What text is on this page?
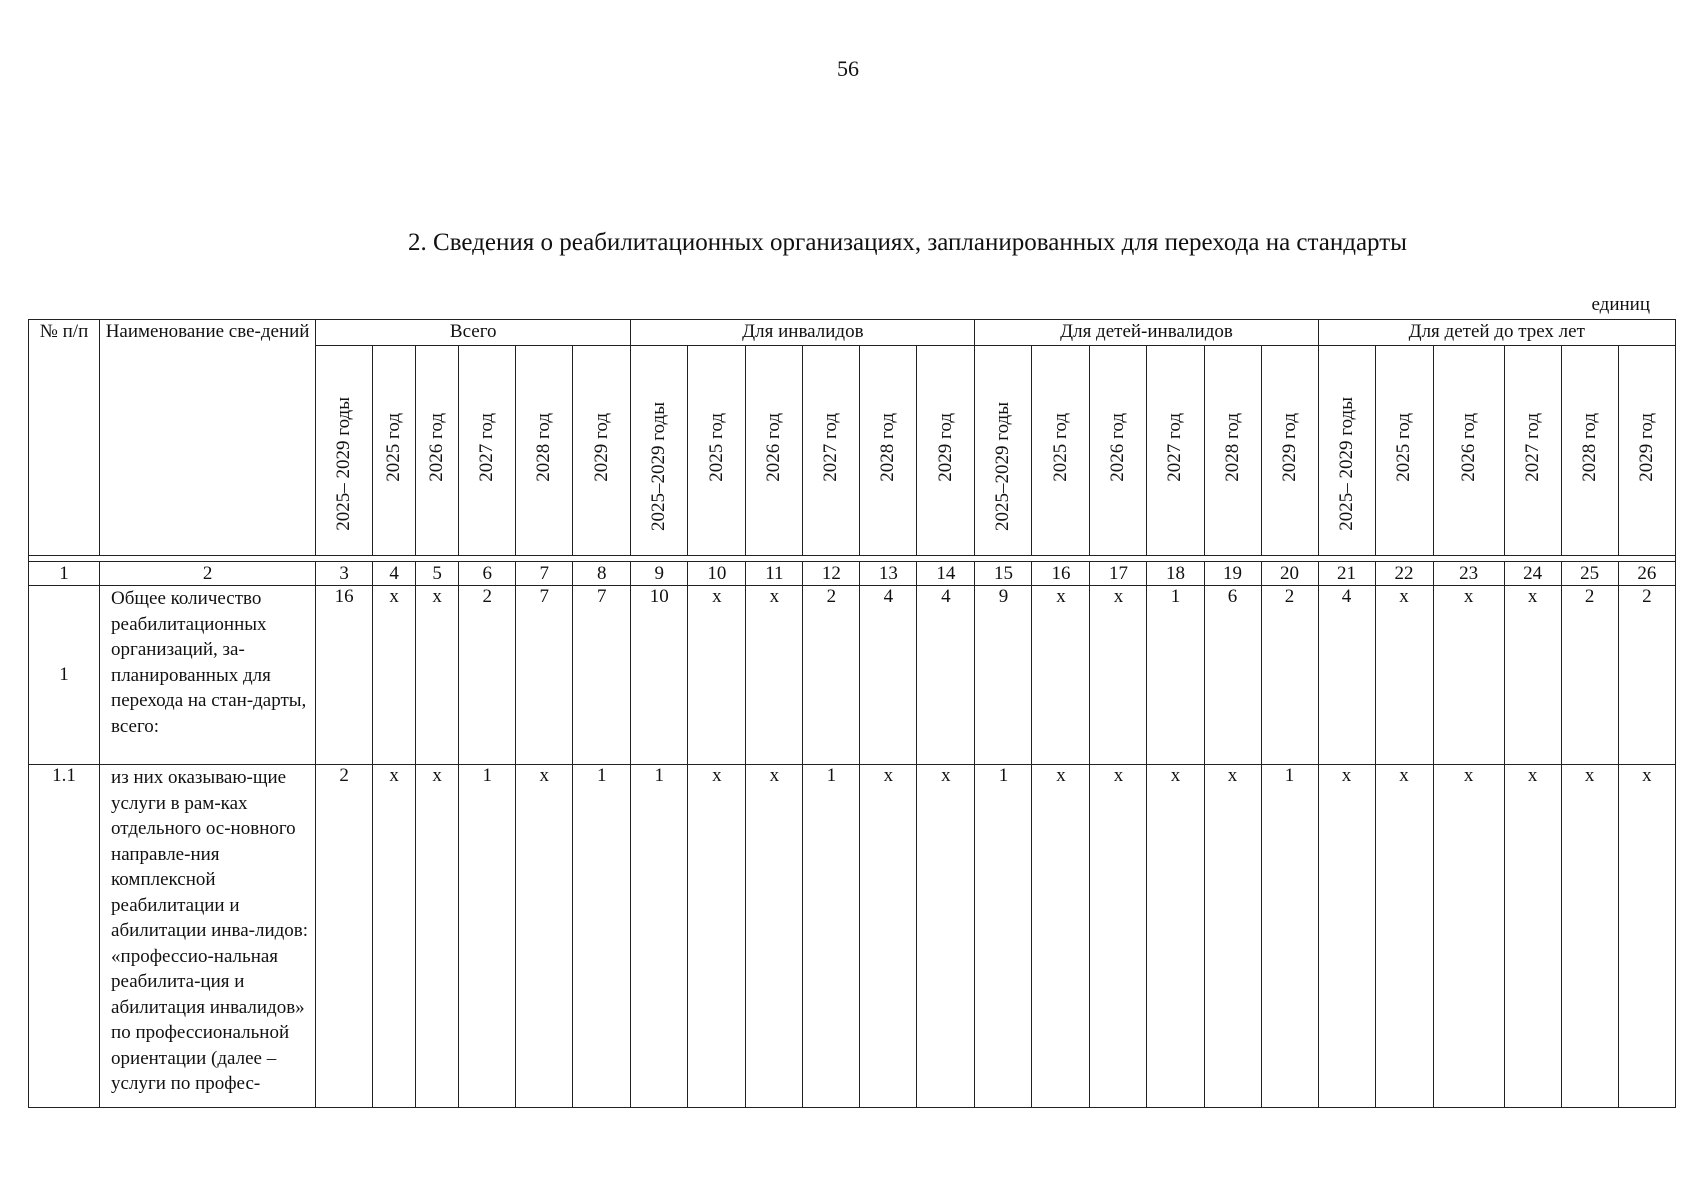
56
2. Сведения о реабилитационных организациях, запланированных для перехода на стандарты
единиц
№ п/п	Наименование све-дений	Всего						Для инвалидов						Для детей-инвалидов						Для детей до трех лет					
		2025– 2029 годы	2025 год	2026 год	2027 год	2028 год	2029 год	2025–2029 годы	2025 год	2026 год	2027 год	2028 год	2029 год	2025–2029 годы	2025 год	2026 год	2027 год	2028 год	2029 год	2025– 2029 годы	2025 год	2026 год	2027 год	2028 год	2029 год

1	2	3	4	5	6	7	8	9	10	11	12	13	14	15	16	17	18	19	20	21	22	23	24	25	26
1	Общее количество реабилитационных организаций, за-планированных для перехода на стан-дарты, всего:	16	х	х	2	7	7	10	х	х	2	4	4	9	х	х	1	6	2	4	х	х	х	2	2
1.1	из них оказываю-щие услуги в рам-ках отдельного ос-новного направле-ния комплексной реабилитации и абилитации инва-лидов: «профессио-нальная реабилита-ция и абилитация инвалидов» по профессиональной ориентации (далее – услуги по профес-	2	х	х	1	х	1	1	х	х	1	х	х	1	х	х	х	х	1	х	х	х	х	х	х
